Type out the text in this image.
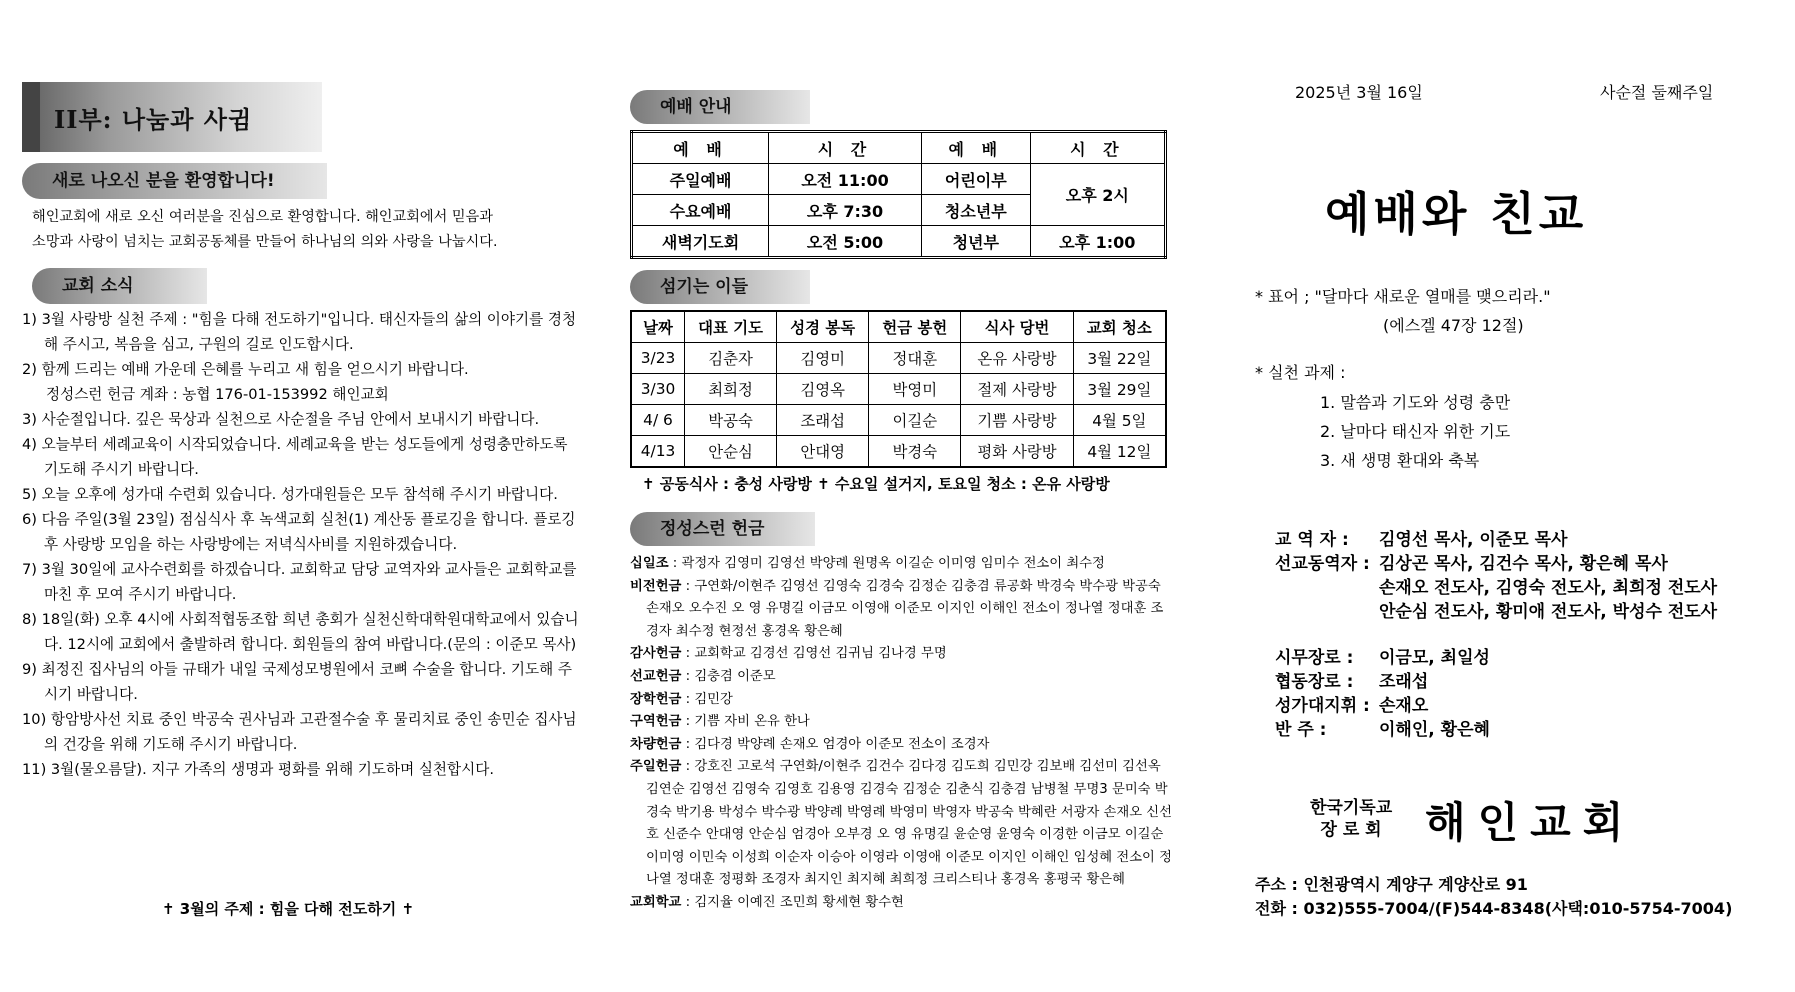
II부: 나눔과 사귐
새로 나오신 분을 환영합니다!
해인교회에 새로 오신 여러분을 진심으로 환영합니다. 해인교회에서 믿음과
소망과 사랑이 넘치는 교회공동체를 만들어 하나님의 의와 사랑을 나눕시다.
교회 소식
1) 3월 사랑방 실천 주제 : "힘을 다해 전도하기"입니다. 태신자들의 삶의 이야기를 경청해 주시고, 복음을 심고, 구원의 길로 인도합시다.
2) 함께 드리는 예배 가운데 은혜를 누리고 새 힘을 얻으시기 바랍니다.
정성스런 헌금 계좌 : 농협 176-01-153992 해인교회
3) 사순절입니다. 깊은 묵상과 실천으로 사순절을 주님 안에서 보내시기 바랍니다.
4) 오늘부터 세례교육이 시작되었습니다. 세례교육을 받는 성도들에게 성령충만하도록 기도해 주시기 바랍니다.
5) 오늘 오후에 성가대 수련회 있습니다. 성가대원들은 모두 참석해 주시기 바랍니다.
6) 다음 주일(3월 23일) 점심식사 후 녹색교회 실천(1) 계산동 플로깅을 합니다. 플로깅 후 사랑방 모임을 하는 사랑방에는 저녁식사비를 지원하겠습니다.
7) 3월 30일에 교사수련회를 하겠습니다. 교회학교 담당 교역자와 교사들은 교회학교를 마친 후 모여 주시기 바랍니다.
8) 18일(화) 오후 4시에 사회적협동조합 희년 총회가 실천신학대학원대학교에서 있습니다. 12시에 교회에서 출발하려 합니다. 회원들의 참여 바랍니다.(문의 : 이준모 목사)
9) 최정진 집사님의 아들 규태가 내일 국제성모병원에서 코뼈 수술을 합니다. 기도해 주시기 바랍니다.
10) 항암방사선 치료 중인 박공숙 권사님과 고관절수술 후 물리치료 중인 송민순 집사님의 건강을 위해 기도해 주시기 바랍니다.
11) 3월(물오름달). 지구 가족의 생명과 평화를 위해 기도하며 실천합시다.
✝ 3월의 주제 : 힘을 다해 전도하기 ✝
예배 안내
예 배	시 간	예 배	시 간
주일예배	오전 11:00	어린이부	오후 2시
수요예배	오후 7:30	청소년부	
새벽기도회	오전 5:00	청년부	오후 1:00
섬기는 이들
날짜	대표 기도	성경 봉독	헌금 봉헌	식사 당번	교회 청소
3/23	김춘자	김영미	정대훈	온유 사랑방	3월 22일
3/30	최희정	김영옥	박영미	절제 사랑방	3월 29일
4/ 6	박공숙	조래섭	이길순	기쁨 사랑방	4월 5일
4/13	안순심	안대영	박경숙	평화 사랑방	4월 12일
✝ 공동식사 : 충성 사랑방 ✝ 수요일 설거지, 토요일 청소 : 온유 사랑방
정성스런 헌금

십일조 : 곽정자 김영미 김영선 박양례 원명옥 이길순 이미영 임미수 전소이 최수정

비전헌금 : 구연화/이현주 김영선 김영숙 김경숙 김정순 김충겸 류공화 박경숙 박수광 박공숙 손재오 오수진 오 영 유명길 이금모 이영애 이준모 이지인 이해인 전소이 정나열 정대훈 조경자 최수정 현정선 홍경옥 황은혜

감사헌금 : 교회학교 김경선 김영선 김귀님 김나경 무명

선교헌금 : 김충겸 이준모

장학헌금 : 김민강

구역헌금 : 기쁨 자비 온유 한나

차량헌금 : 김다경 박양례 손재오 엄경아 이준모 전소이 조경자

주일헌금 : 강호진 고로석 구연화/이현주 김건수 김다경 김도희 김민강 김보배 김선미 김선옥 김연순 김영선 김영숙 김영호 김용영 김경숙 김정순 김춘식 김충겸 남병철 무명3 문미숙 박경숙 박기용 박성수 박수광 박양례 박영례 박영미 박영자 박공숙 박혜란 서광자 손재오 신선호 신준수 안대영 안순심 엄경아 오부경 오 영 유명길 윤순영 윤영숙 이경한 이금모 이길순 이미영 이민숙 이성희 이순자 이승아 이영라 이영애 이준모 이지인 이해인 임성혜 전소이 정나열 정대훈 정평화 조경자 최지인 최지혜 최희정 크리스티나 홍경옥 홍평국 황은혜

교회학교 : 김지율 이예진 조민희 황세현 황수현

2025년 3월 16일	사순절 둘째주일
예배와 친교
* 표어 ; "달마다 새로운 열매를 맺으리라."
(에스겔 47장 12절)
* 실천 과제 :
1. 말씀과 기도와 성령 충만
2. 날마다 태신자 위한 기도
3. 새 생명 환대와 축복
교 역 자 :	김영선 목사, 이준모 목사
선교동역자 : 김상곤 목사, 김건수 목사, 황은혜 목사
손재오 전도사, 김영숙 전도사, 최희정 전도사
안순심 전도사, 황미애 전도사, 박성수 전도사
시무장로 :	이금모, 최일성
협동장로 :	조래섭
성가대지휘 : 손재오
반 주 :	이해인, 황은혜
한국기독교
장 로 회 해인교회
주소 : 인천광역시 계양구 계양산로 91
전화 : 032)555-7004/(F)544-8348(사택:010-5754-7004)
